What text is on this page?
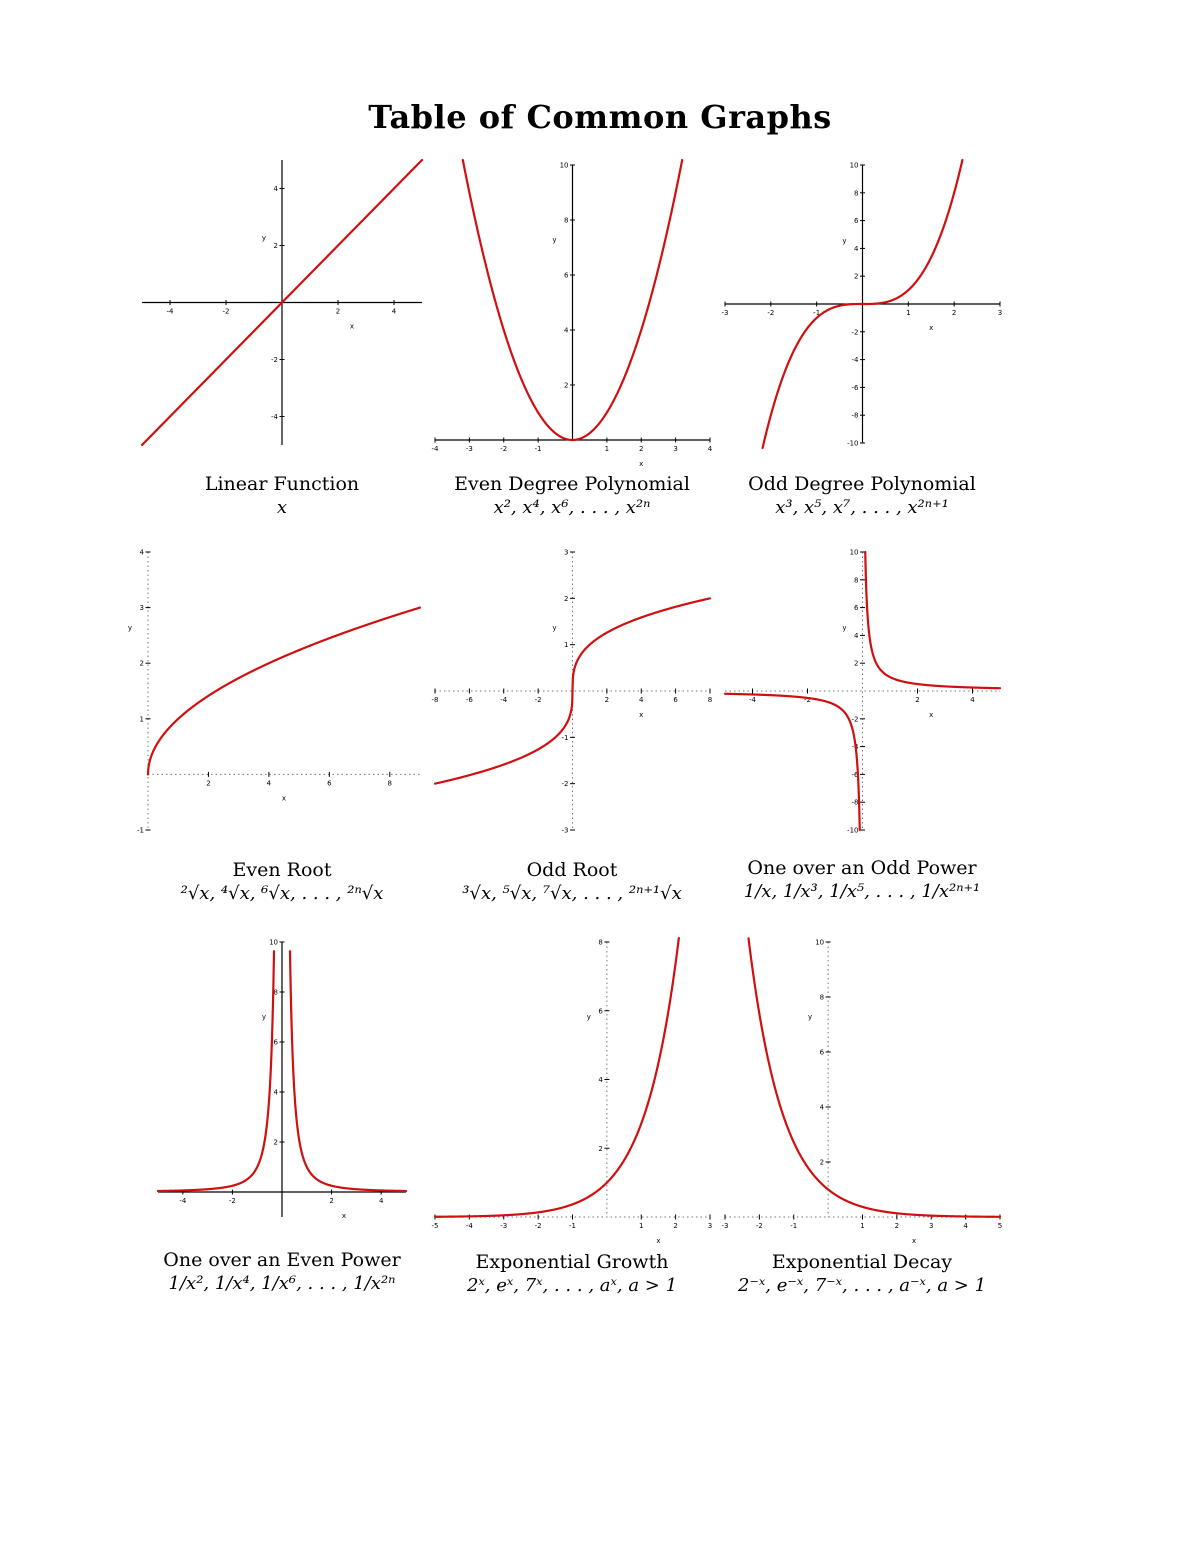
Table of Common Graphs
-4	-2	2	4
-4
-2
2
4
x
y
Linear Function
x
-4	-3	-2	-1	1	2	3	4
2
4
6
8
10
x
y
Even Degree Polynomial
x², x⁴, x⁶, . . . , x²ⁿ
-3	-2	-1	1	2	3
-10
-8
-6
-4
-2
2
4
6
8
10
x
y
Odd Degree Polynomial
x³, x⁵, x⁷, . . . , x²ⁿ⁺¹
2	4	6	8
-1
1
2
3
4
x
y
Even Root
²√x, ⁴√x, ⁶√x, . . . , ²ⁿ√x
-8	-6	-4	-2	2	4	6	8
-3
-2
-1
1
2
3
x
y
Odd Root
³√x, ⁵√x, ⁷√x, . . . , ²ⁿ⁺¹√x
-4	-2	2	4
-10
-8
-6
-4
-2
2
4
6
8
10
x
y
One over an Odd Power
1/x, 1/x³, 1/x⁵, . . . , 1/x²ⁿ⁺¹
-4	-2	2	4
2
4
6
8
10
x
y
One over an Even Power
1/x², 1/x⁴, 1/x⁶, . . . , 1/x²ⁿ
-5	-4	-3	-2	-1	1	2	3
2
4
6
8
x
y
Exponential Growth
2ˣ, eˣ, 7ˣ, . . . , aˣ, a > 1
-3	-2	-1	1	2	3	4	5
2
4
6
8
10
x
y
Exponential Decay
2⁻ˣ, e⁻ˣ, 7⁻ˣ, . . . , a⁻ˣ, a > 1
